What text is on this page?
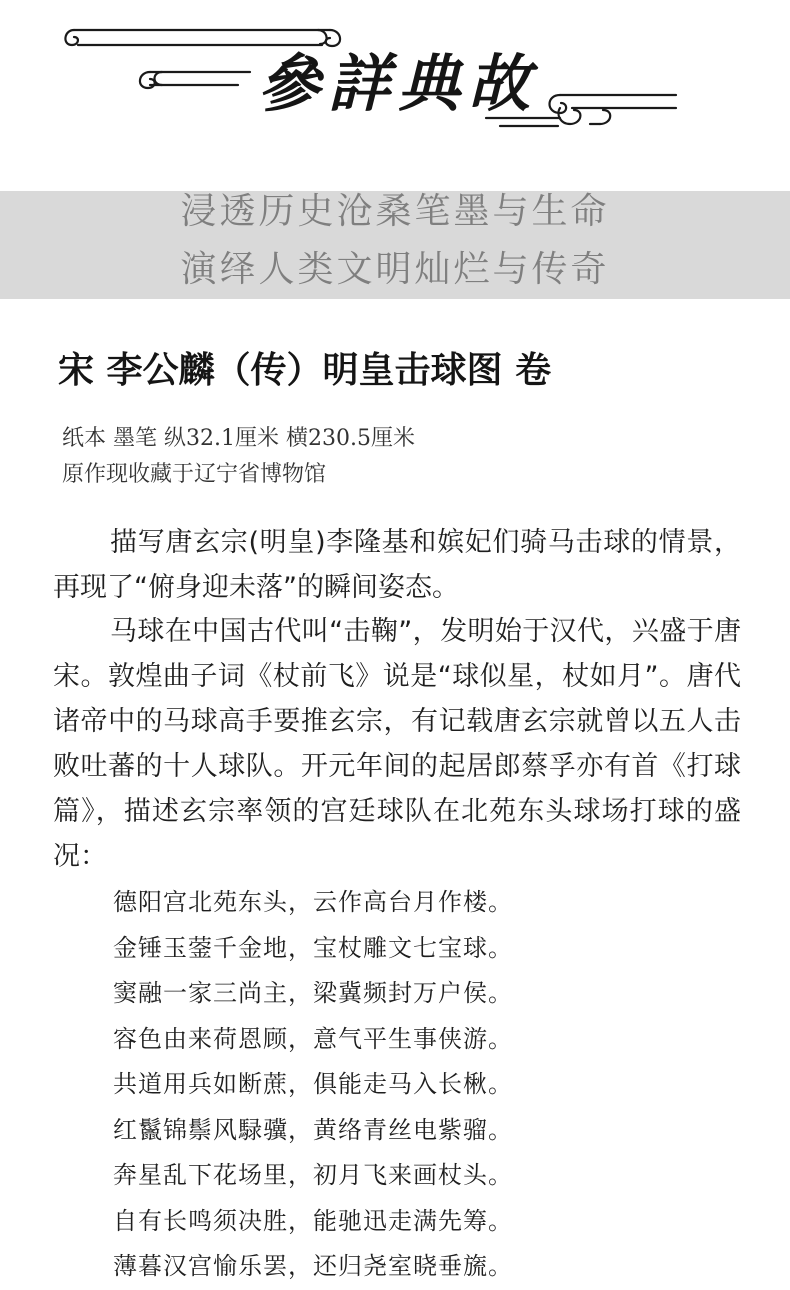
參詳典故
浸透历史沧桑笔墨与生命
演绎人类文明灿烂与传奇
宋 李公麟（传）明皇击球图 卷
纸本 墨笔 纵32.1厘米 横230.5厘米
原作现收藏于辽宁省博物馆

描写唐玄宗(明皇)李隆基和嫔妃们骑马击球的情景，再现了“俯身迎未落”的瞬间姿态。

马球在中国古代叫“击鞠”，发明始于汉代，兴盛于唐宋。敦煌曲子词《杖前飞》说是“球似星，杖如月”。唐代诸帝中的马球高手要推玄宗，有记载唐玄宗就曾以五人击败吐蕃的十人球队。开元年间的起居郎蔡孚亦有首《打球篇》，描述玄宗率领的宫廷球队在北苑东头球场打球的盛况：

德阳宫北苑东头，云作高台月作楼。
金锤玉蓥千金地，宝杖雕文七宝球。
窦融一家三尚主，梁冀频封万户侯。
容色由来荷恩顾，意气平生事侠游。
共道用兵如断蔗，俱能走马入长楸。
红鬣锦鬃风騄骥，黄络青丝电紫骝。
奔星乱下花场里，初月飞来画杖头。
自有长鸣须决胜，能驰迅走满先筹。
薄暮汉宫愉乐罢，还归尧室晓垂旒。
